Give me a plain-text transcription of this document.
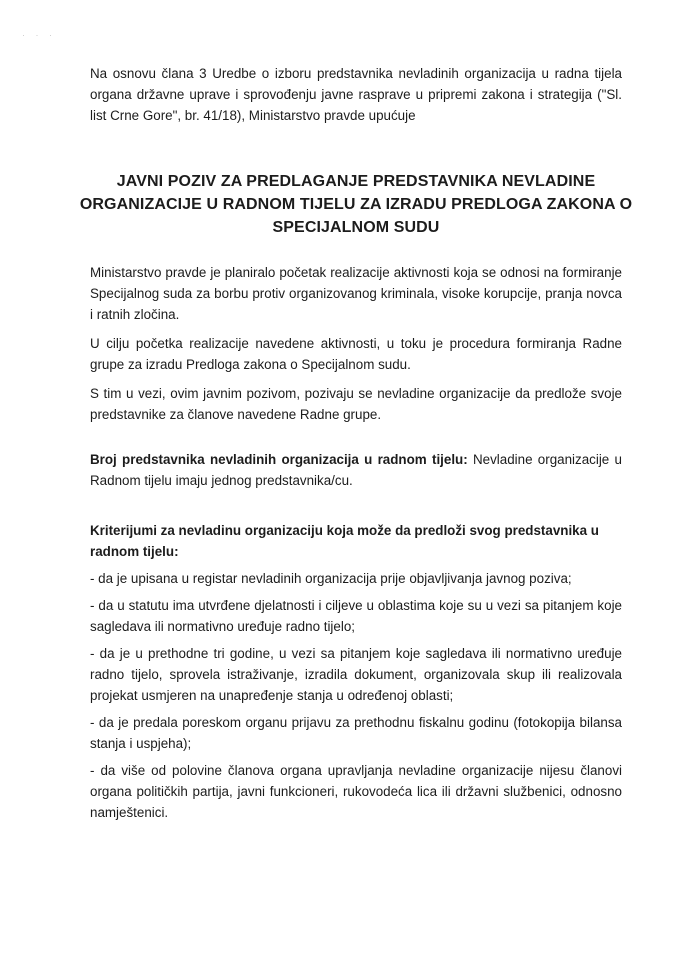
· · ·
Na osnovu člana 3 Uredbe o izboru predstavnika nevladinih organizacija u radna tijela organa državne uprave i sprovođenju javne rasprave u pripremi zakona i strategija ("Sl. list Crne Gore", br. 41/18), Ministarstvo pravde upućuje
JAVNI POZIV ZA PREDLAGANJE PREDSTAVNIKA NEVLADINE ORGANIZACIJE U RADNOM TIJELU ZA IZRADU PREDLOGA ZAKONA O SPECIJALNOM SUDU

Ministarstvo pravde je planiralo početak realizacije aktivnosti koja se odnosi na formiranje Specijalnog suda za borbu protiv organizovanog kriminala, visoke korupcije, pranja novca i ratnih zločina.

U cilju početka realizacije navedene aktivnosti, u toku je procedura formiranja Radne grupe za izradu Predloga zakona o Specijalnom sudu.

S tim u vezi, ovim javnim pozivom, pozivaju se nevladine organizacije da predlože svoje predstavnike za članove navedene Radne grupe.

Broj predstavnika nevladinih organizacija u radnom tijelu: Nevladine organizacije u Radnom tijelu imaju jednog predstavnika/cu.
Kriterijumi za nevladinu organizaciju koja može da predloži svog predstavnika u radnom tijelu:
- da je upisana u registar nevladinih organizacija prije objavljivanja javnog poziva;
- da u statutu ima utvrđene djelatnosti i ciljeve u oblastima koje su u vezi sa pitanjem koje sagledava ili normativno uređuje radno tijelo;
- da je u prethodne tri godine, u vezi sa pitanjem koje sagledava ili normativno uređuje radno tijelo, sprovela istraživanje, izradila dokument, organizovala skup ili realizovala projekat usmjeren na unapređenje stanja u određenoj oblasti;
- da je predala poreskom organu prijavu za prethodnu fiskalnu godinu (fotokopija bilansa stanja i uspjeha);
- da više od polovine članova organa upravljanja nevladine organizacije nijesu članovi organa političkih partija, javni funkcioneri, rukovodeća lica ili državni službenici, odnosno namještenici.
